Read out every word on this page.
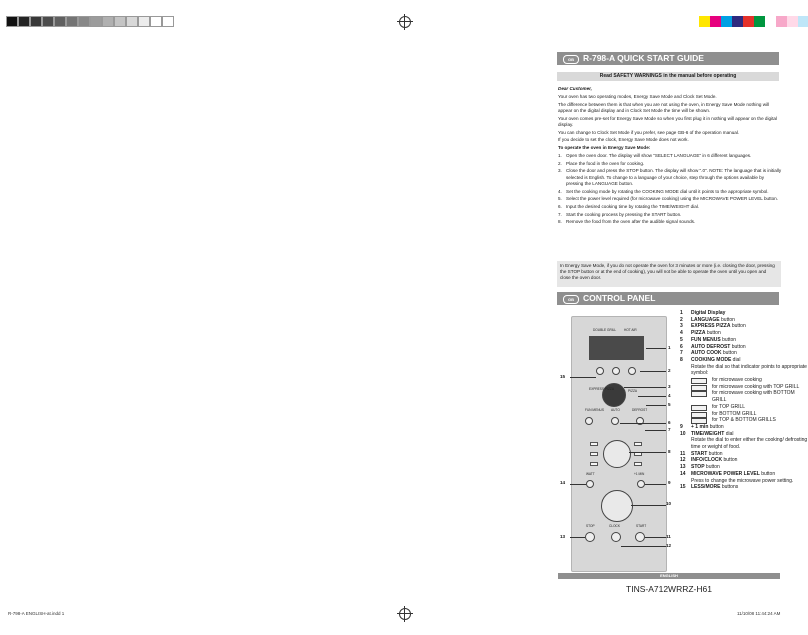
R-798-A ENGLISH-at.indd 1	11/10/08 11:44:24 AM
GB	R-798-A QUICK START GUIDE
Read SAFETY WARNINGS in the manual before operating

Dear Customer,

Your oven has two operating modes, Energy Save Mode and Clock Set Mode.

The difference between them is that when you are not using the oven, in Energy Save Mode nothing will appear on the digital display and in Clock Set Mode the time will be shown.

Your oven comes pre-set for Energy Save Mode so when you first plug it in nothing will appear on the digital display.

You can change to Clock Set Mode if you prefer, see page GB-6 of the operation manual.

If you decide to set the clock, Energy Save Mode does not work.

To operate the oven in Energy Save Mode:

1. Open the oven door. The display will show "SELECT LANGUAGE" in 6 different languages.
2. Place the food in the oven for cooking.
3. Close the door and press the STOP button. The display will show ".0". NOTE: The language that is initially selected is English. To change to a language of your choice, step through the options available by pressing the LANGUAGE button.
4. Set the cooking mode by rotating the COOKING MODE dial until it points to the appropriate symbol.
5. Select the power level required (for microwave cooking) using the MICROWAVE POWER LEVEL button.
6. Input the desired cooking time by rotating the TIME/WEIGHT dial.
7. Start the cooking process by pressing the START button.
8. Remove the food from the oven after the audible signal sounds.
In Energy Save Mode, if you do not operate the oven for 3 minutes or more (i.e. closing the door, pressing the STOP button or at the end of cooking), you will not be able to operate the oven until you open and close the oven door.
GB	CONTROL PANEL
DOUBLE GRILL HOT AIR
EXPRESS PIZZA	PIZZA
FUN MENUS AUTO	DEFROST
WATT	+1 MIN
STOP	CLOCK	START
1
2
3
4
5
6
7
8
9
10
11
12
13
14
15
1 Digital Display
2 LANGUAGE button
3 EXPRESS PIZZA button
4 PIZZA button
5 FUN MENUS button
6 AUTO DEFROST button
7 AUTO COOK button
8 COOKING MODE dial
Rotate the dial so that indicator points to appropriate symbol:
for microwave cooking
for microwave cooking with TOP GRILL
for microwave cooking with BOTTOM GRILL
for TOP GRILL
for BOTTOM GRILL
for TOP & BOTTOM GRILLS
9 + 1 min button
10 TIME/WEIGHT dial
Rotate the dial to enter either the cooking/ defrosting time or weight of food.
11 START button
12 INFO/CLOCK button
13 STOP button
14 MICROWAVE POWER LEVEL button
Press to change the microwave power setting.
15 LESS/MORE buttons
ENGLISH
TINS-A712WRRZ-H61
